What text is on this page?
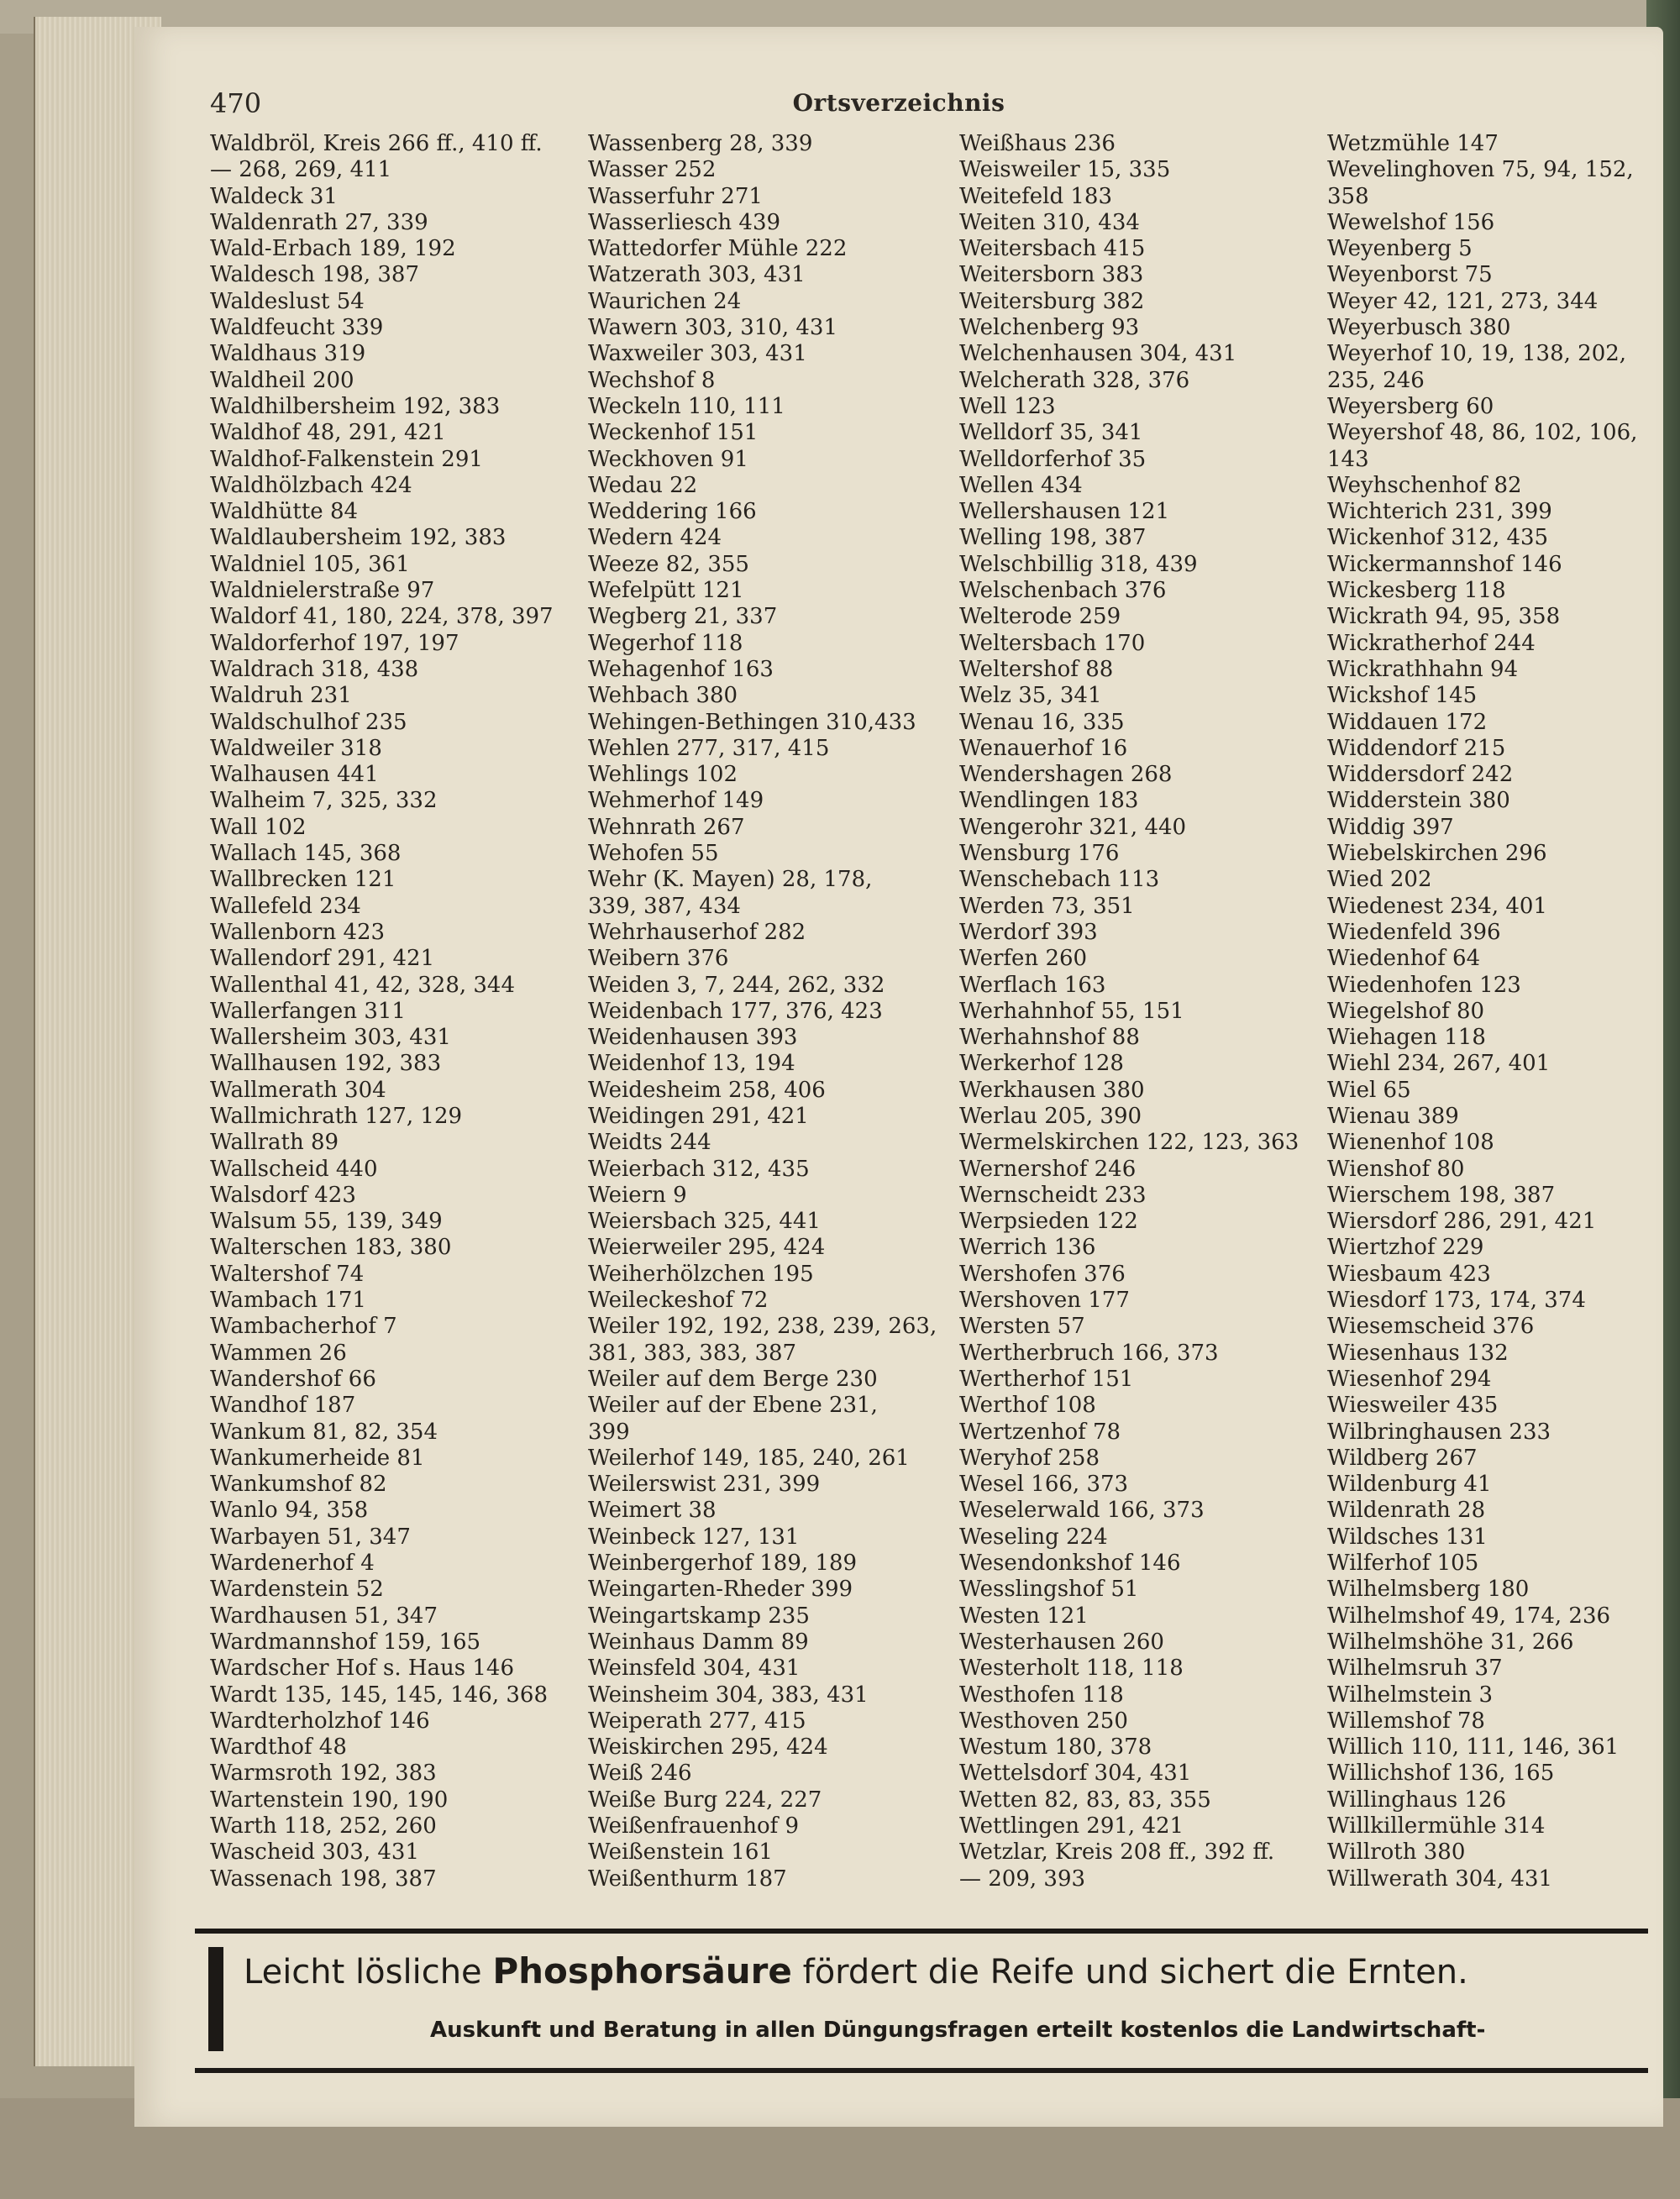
470	Ortsverzeichnis
Waldbröl, Kreis 266 ff., 410 ff.
— 268, 269, 411
Waldeck 31
Waldenrath 27, 339
Wald-Erbach 189, 192
Waldesch 198, 387
Waldeslust 54
Waldfeucht 339
Waldhaus 319
Waldheil 200
Waldhilbersheim 192, 383
Waldhof 48, 291, 421
Waldhof-Falkenstein 291
Waldhölzbach 424
Waldhütte 84
Waldlaubersheim 192, 383
Waldniel 105, 361
Waldnielerstraße 97
Waldorf 41, 180, 224, 378, 397
Waldorferhof 197, 197
Waldrach 318, 438
Waldruh 231
Waldschulhof 235
Waldweiler 318
Walhausen 441
Walheim 7, 325, 332
Wall 102
Wallach 145, 368
Wallbrecken 121
Wallefeld 234
Wallenborn 423
Wallendorf 291, 421
Wallenthal 41, 42, 328, 344
Wallerfangen 311
Wallersheim 303, 431
Wallhausen 192, 383
Wallmerath 304
Wallmichrath 127, 129
Wallrath 89
Wallscheid 440
Walsdorf 423
Walsum 55, 139, 349
Walterschen 183, 380
Waltershof 74
Wambach 171
Wambacherhof 7
Wammen 26
Wandershof 66
Wandhof 187
Wankum 81, 82, 354
Wankumerheide 81
Wankumshof 82
Wanlo 94, 358
Warbayen 51, 347
Wardenerhof 4
Wardenstein 52
Wardhausen 51, 347
Wardmannshof 159, 165
Wardscher Hof s. Haus 146
Wardt 135, 145, 145, 146, 368
Wardterholzhof 146
Wardthof 48
Warmsroth 192, 383
Wartenstein 190, 190
Warth 118, 252, 260
Wascheid 303, 431
Wassenach 198, 387
Wassenberg 28, 339
Wasser 252
Wasserfuhr 271
Wasserliesch 439
Wattedorfer Mühle 222
Watzerath 303, 431
Waurichen 24
Wawern 303, 310, 431
Waxweiler 303, 431
Wechshof 8
Weckeln 110, 111
Weckenhof 151
Weckhoven 91
Wedau 22
Weddering 166
Wedern 424
Weeze 82, 355
Wefelpütt 121
Wegberg 21, 337
Wegerhof 118
Wehagenhof 163
Wehbach 380
Wehingen-Bethingen 310,433
Wehlen 277, 317, 415
Wehlings 102
Wehmerhof 149
Wehnrath 267
Wehofen 55
Wehr (K. Mayen) 28, 178,
339, 387, 434
Wehrhauserhof 282
Weibern 376
Weiden 3, 7, 244, 262, 332
Weidenbach 177, 376, 423
Weidenhausen 393
Weidenhof 13, 194
Weidesheim 258, 406
Weidingen 291, 421
Weidts 244
Weierbach 312, 435
Weiern 9
Weiersbach 325, 441
Weierweiler 295, 424
Weiherhölzchen 195
Weileckeshof 72
Weiler 192, 192, 238, 239, 263,
381, 383, 383, 387
Weiler auf dem Berge 230
Weiler auf der Ebene 231,
399
Weilerhof 149, 185, 240, 261
Weilerswist 231, 399
Weimert 38
Weinbeck 127, 131
Weinbergerhof 189, 189
Weingarten-Rheder 399
Weingartskamp 235
Weinhaus Damm 89
Weinsfeld 304, 431
Weinsheim 304, 383, 431
Weiperath 277, 415
Weiskirchen 295, 424
Weiß 246
Weiße Burg 224, 227
Weißenfrauenhof 9
Weißenstein 161
Weißenthurm 187
Weißhaus 236
Weisweiler 15, 335
Weitefeld 183
Weiten 310, 434
Weitersbach 415
Weitersborn 383
Weitersburg 382
Welchenberg 93
Welchenhausen 304, 431
Welcherath 328, 376
Well 123
Welldorf 35, 341
Welldorferhof 35
Wellen 434
Wellershausen 121
Welling 198, 387
Welschbillig 318, 439
Welschenbach 376
Welterode 259
Weltersbach 170
Weltershof 88
Welz 35, 341
Wenau 16, 335
Wenauerhof 16
Wendershagen 268
Wendlingen 183
Wengerohr 321, 440
Wensburg 176
Wenschebach 113
Werden 73, 351
Werdorf 393
Werfen 260
Werflach 163
Werhahnhof 55, 151
Werhahnshof 88
Werkerhof 128
Werkhausen 380
Werlau 205, 390
Wermelskirchen 122, 123, 363
Wernershof 246
Wernscheidt 233
Werpsieden 122
Werrich 136
Wershofen 376
Wershoven 177
Wersten 57
Wertherbruch 166, 373
Wertherhof 151
Werthof 108
Wertzenhof 78
Weryhof 258
Wesel 166, 373
Weselerwald 166, 373
Weseling 224
Wesendonkshof 146
Wesslingshof 51
Westen 121
Westerhausen 260
Westerholt 118, 118
Westhofen 118
Westhoven 250
Westum 180, 378
Wettelsdorf 304, 431
Wetten 82, 83, 83, 355
Wettlingen 291, 421
Wetzlar, Kreis 208 ff., 392 ff.
— 209, 393
Wetzmühle 147
Wevelinghoven 75, 94, 152,
358
Wewelshof 156
Weyenberg 5
Weyenborst 75
Weyer 42, 121, 273, 344
Weyerbusch 380
Weyerhof 10, 19, 138, 202,
235, 246
Weyersberg 60
Weyershof 48, 86, 102, 106,
143
Weyhschenhof 82
Wichterich 231, 399
Wickenhof 312, 435
Wickermannshof 146
Wickesberg 118
Wickrath 94, 95, 358
Wickratherhof 244
Wickrathhahn 94
Wickshof 145
Widdauen 172
Widdendorf 215
Widdersdorf 242
Widderstein 380
Widdig 397
Wiebelskirchen 296
Wied 202
Wiedenest 234, 401
Wiedenfeld 396
Wiedenhof 64
Wiedenhofen 123
Wiegelshof 80
Wiehagen 118
Wiehl 234, 267, 401
Wiel 65
Wienau 389
Wienenhof 108
Wienshof 80
Wierschem 198, 387
Wiersdorf 286, 291, 421
Wiertzhof 229
Wiesbaum 423
Wiesdorf 173, 174, 374
Wiesemscheid 376
Wiesenhaus 132
Wiesenhof 294
Wiesweiler 435
Wilbringhausen 233
Wildberg 267
Wildenburg 41
Wildenrath 28
Wildsches 131
Wilferhof 105
Wilhelmsberg 180
Wilhelmshof 49, 174, 236
Wilhelmshöhe 31, 266
Wilhelmsruh 37
Wilhelmstein 3
Willemshof 78
Willich 110, 111, 146, 361
Willichshof 136, 165
Willinghaus 126
Willkillermühle 314
Willroth 380
Willwerath 304, 431
Leicht lösliche Phosphorsäure fördert die Reife und sichert die Ernten.
Auskunft und Beratung in allen Düngungsfragen erteilt kostenlos die Landwirtschaft-
